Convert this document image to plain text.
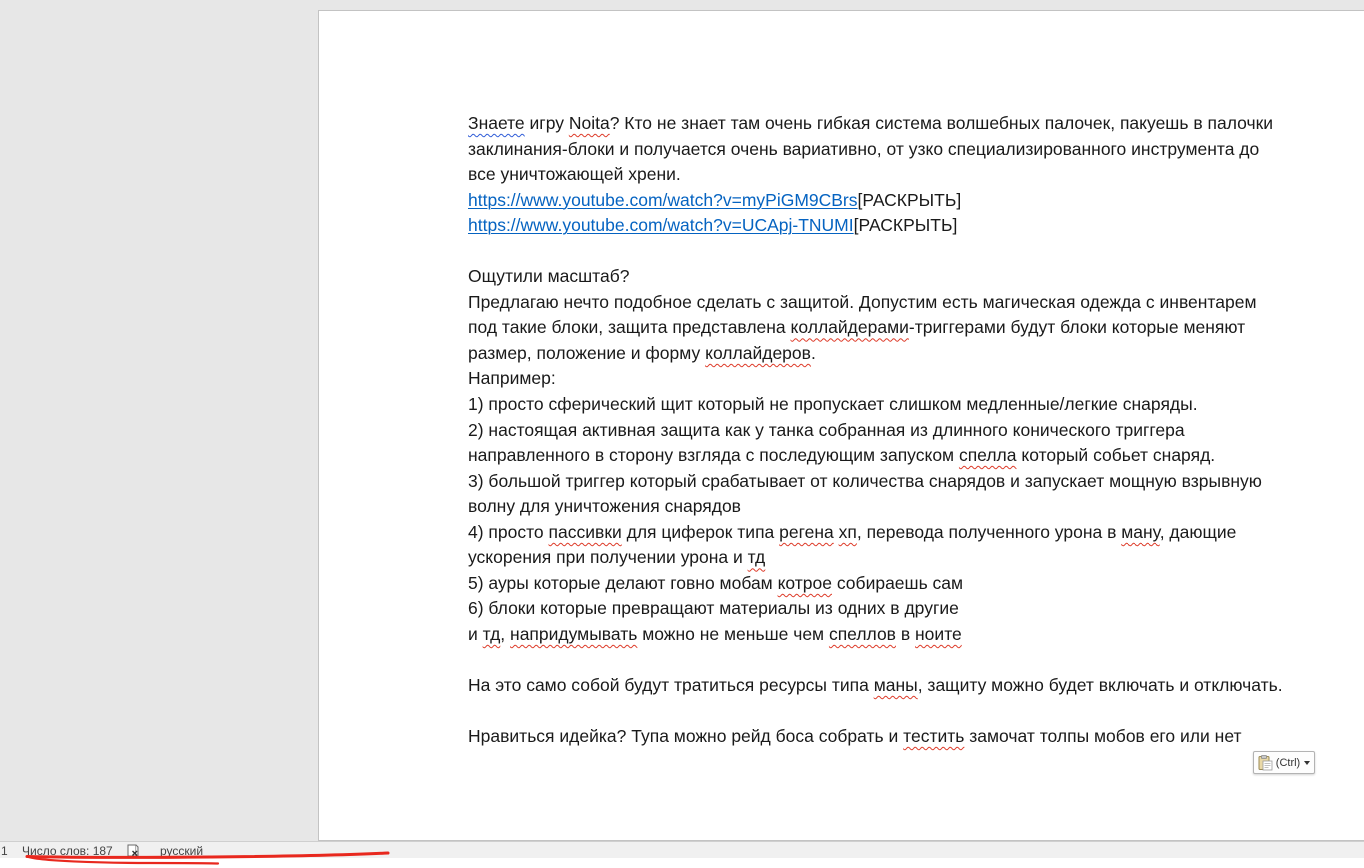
Знаете игру Noita? Кто не знает там очень гибкая система волшебных палочек, пакуешь в палочки
заклинания-блоки и получается очень вариативно, от узко специализированного инструмента до
все уничтожающей хрени.
https://www.youtube.com/watch?v=myPiGM9CBrs[РАСКРЫТЬ]
https://www.youtube.com/watch?v=UCApj-TNUMI[РАСКРЫТЬ]

Ощутили масштаб?
Предлагаю нечто подобное сделать с защитой. Допустим есть магическая одежда с инвентарем
под такие блоки, защита представлена коллайдерами-триггерами будут блоки которые меняют
размер, положение и форму коллайдеров.
Например:
1) просто сферический щит который не пропускает слишком медленные/легкие снаряды.
2) настоящая активная защита как у танка собранная из длинного конического триггера
направленного в сторону взгляда с последующим запуском спелла который собьет снаряд.
3) большой триггер который срабатывает от количества снарядов и запускает мощную взрывную
волну для уничтожения снарядов
4) просто пассивки для циферок типа регена хп, перевода полученного урона в ману, дающие
ускорения при получении урона и тд
5) ауры которые делают говно мобам котрое собираешь сам
6) блоки которые превращают материалы из одних в другие
и тд, напридумывать можно не меньше чем спеллов в ноите

На это само собой будут тратиться ресурсы типа маны, защиту можно будет включать и отключать.

Нравиться идейка? Тупа можно рейд боса собрать и тестить замочат толпы мобов его или нет
(Ctrl)
1 Число слов: 187	русский
